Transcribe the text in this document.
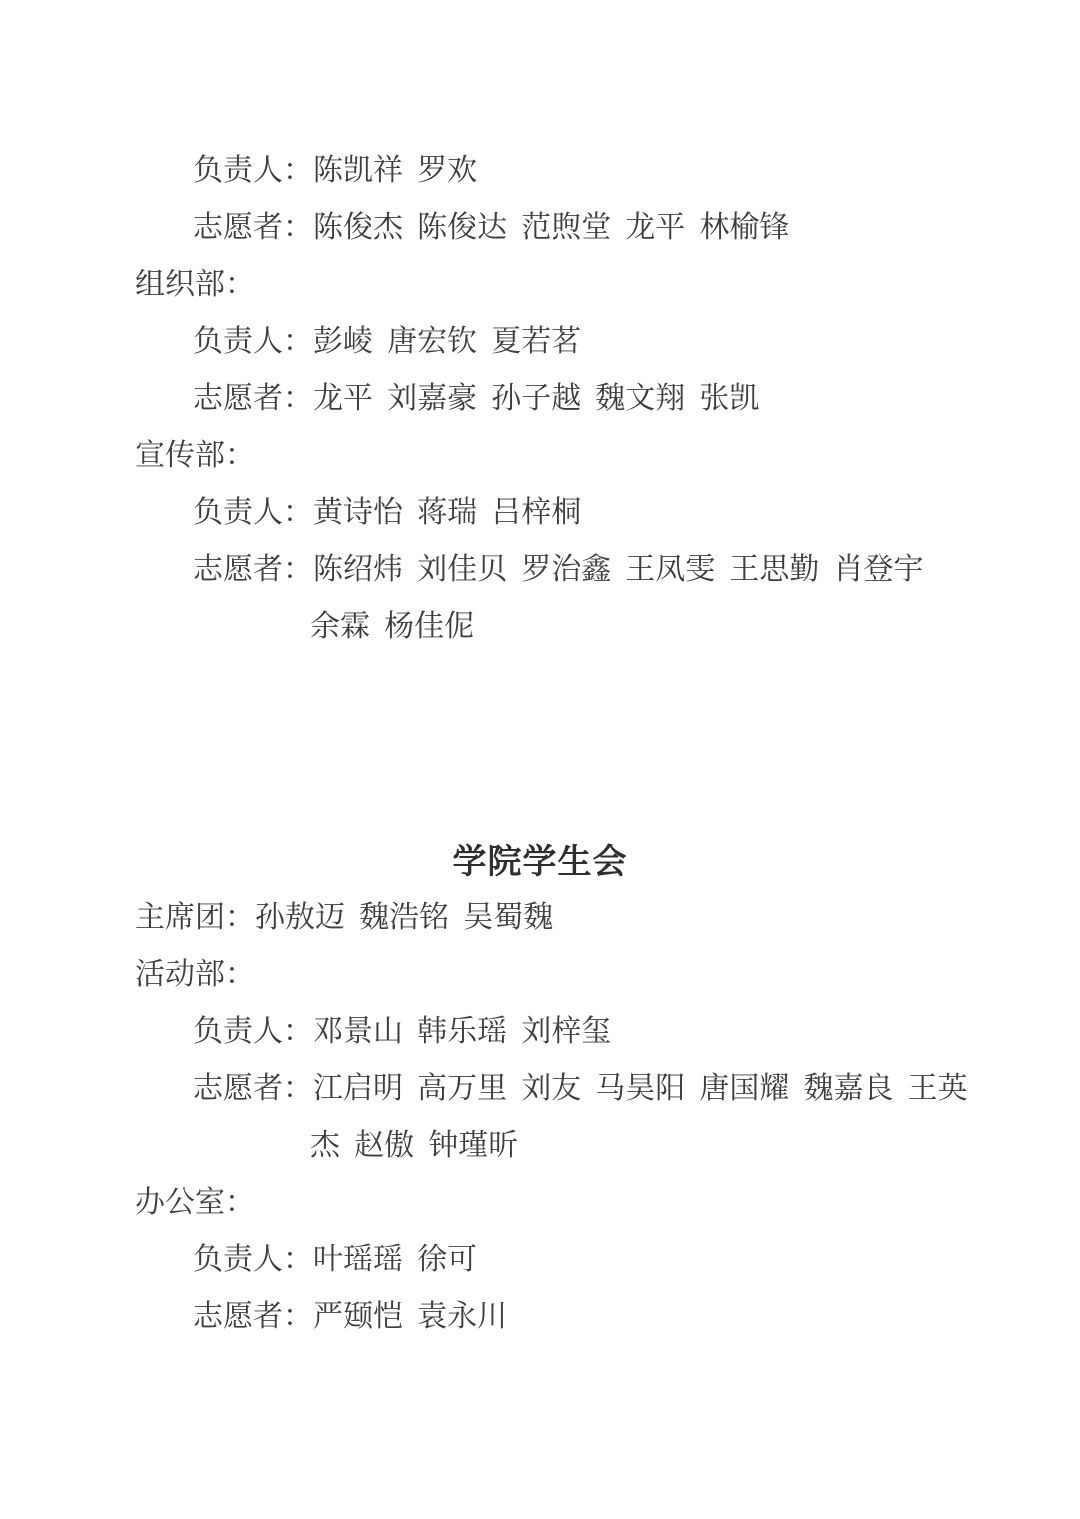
负责人：陈凯祥 罗欢
志愿者：陈俊杰 陈俊达 范煦堂 龙平 林榆锋
组织部：
负责人：彭崚 唐宏钦 夏若茗
志愿者：龙平 刘嘉豪 孙子越 魏文翔 张凯
宣传部：
负责人：黄诗怡 蒋瑞 吕梓桐
志愿者：陈绍炜 刘佳贝 罗治鑫 王凤雯 王思勤 肖登宇
余霖 杨佳伲
学院学生会
主席团：孙敖迈 魏浩铭 吴蜀魏
活动部：
负责人：邓景山 韩乐瑶 刘梓玺
志愿者：江启明 高万里 刘友 马昊阳 唐国耀 魏嘉良 王英
杰 赵傲 钟瑾昕
办公室：
负责人：叶瑶瑶 徐可
志愿者：严颋恺 袁永川
